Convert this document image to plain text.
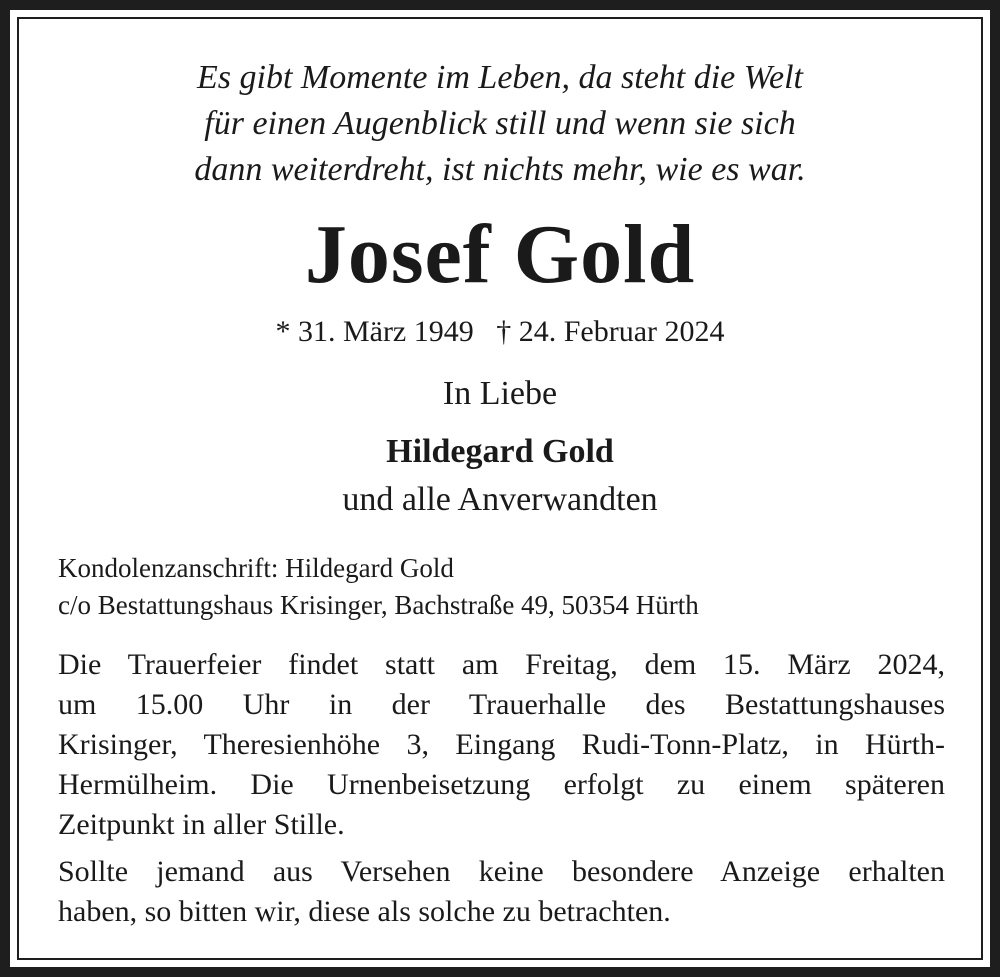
Es gibt Momente im Leben, da steht die Welt
für einen Augenblick still und wenn sie sich
dann weiterdreht, ist nichts mehr, wie es war.
Josef Gold
* 31. März 1949   † 24. Februar 2024
In Liebe
Hildegard Gold
und alle Anverwandten
Kondolenzanschrift: Hildegard Gold
c/o Bestattungshaus Krisinger, Bachstraße 49, 50354 Hürth
Die Trauerfeier findet statt am Freitag, dem 15. März 2024,
um 15.00 Uhr in der Trauerhalle des Bestattungshauses
Krisinger, Theresienhöhe 3, Eingang Rudi-Tonn-Platz, in Hürth-
Hermülheim. Die Urnenbeisetzung erfolgt zu einem späteren
Zeitpunkt in aller Stille.
Sollte jemand aus Versehen keine besondere Anzeige erhalten
haben, so bitten wir, diese als solche zu betrachten.
